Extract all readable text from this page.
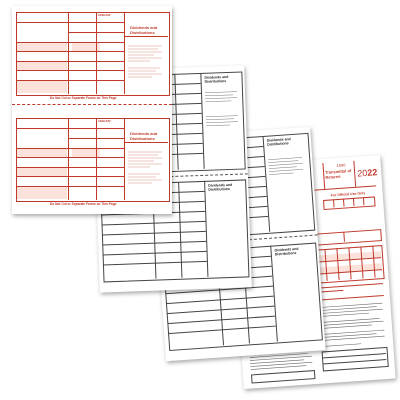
1096
Transmittal of
Returns 2022
For Official Use Only
Dividends and
Distributions
Dividends and
Distributions
Dividends and
Distributions
Dividends and
Distributions
1099-DIV
Dividends and
Distributions
Do Not Cut or Separate Forms on This Page
1099-DIV
Dividends and
Distributions
Do Not Cut or Separate Forms on This Page
